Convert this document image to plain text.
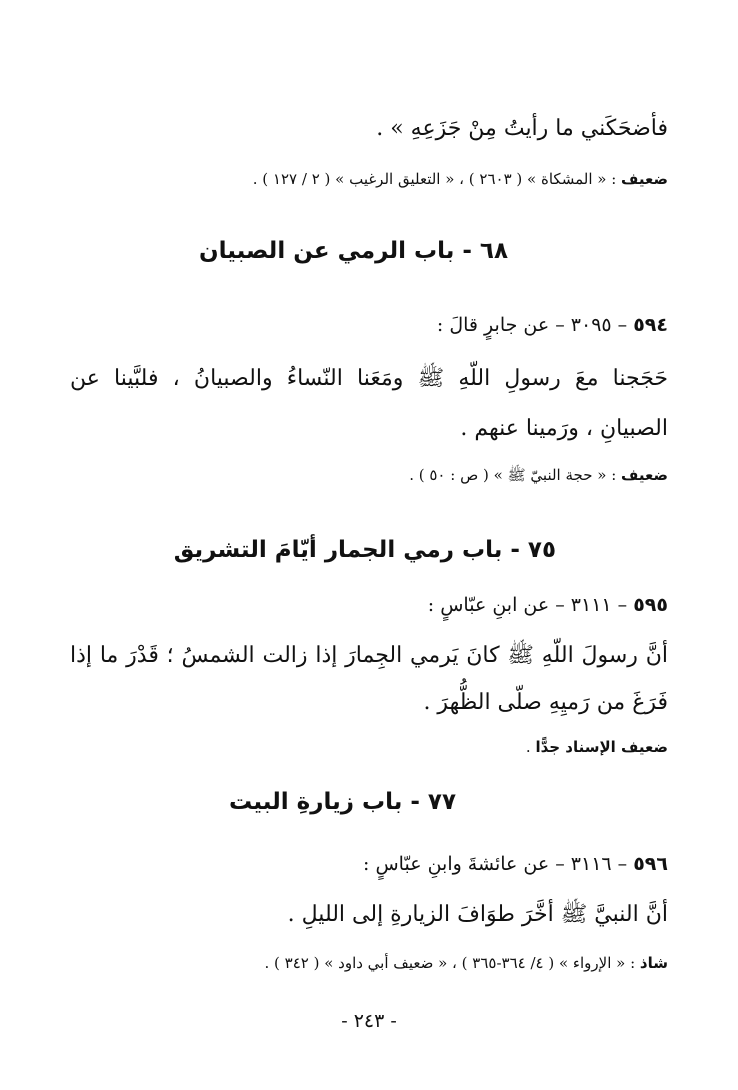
فأضحَكَني ما رأيتُ مِنْ جَزَعِهِ » .
ضعيف : « المشكاة » ( ٢٦٠٣ ) ، « التعليق الرغيب » ( ٢ / ١٢٧ ) .
٦٨ - باب الرمي عن الصبيان
٥٩٤ – ٣٠٩٥ – عن جابرٍ قالَ :
حَجَجنا معَ رسولِ اللّهِ ﷺ ومَعَنا النّساءُ والصبيانُ ، فلبَّينا عن
الصبيانِ ، ورَمينا عنهم .
ضعيف : « حجة النبيّ ﷺ » ( ص : ٥٠ ) .
٧٥ - باب رمي الجمار أيّامَ التشريق
٥٩٥ – ٣١١١ – عن ابنِ عبّاسٍ :
أنَّ رسولَ اللّهِ ﷺ كانَ يَرمي الجِمارَ إذا زالت الشمسُ ؛ قَدْرَ ما إذا
فَرَغَ من رَميِهِ صلّى الظُّهرَ .
ضعيف الإسناد جدًّا .
٧٧ - باب زيارةِ البيت
٥٩٦ – ٣١١٦ – عن عائشةَ وابنِ عبّاسٍ :
أنَّ النبيَّ ﷺ أخَّرَ طوَافَ الزيارةِ إلى الليلِ .
شاذ : « الإرواء » ( ٤/ ٣٦٤-٣٦٥ ) ، « ضعيف أبي داود » ( ٣٤٢ ) .
- ٢٤٣ -
